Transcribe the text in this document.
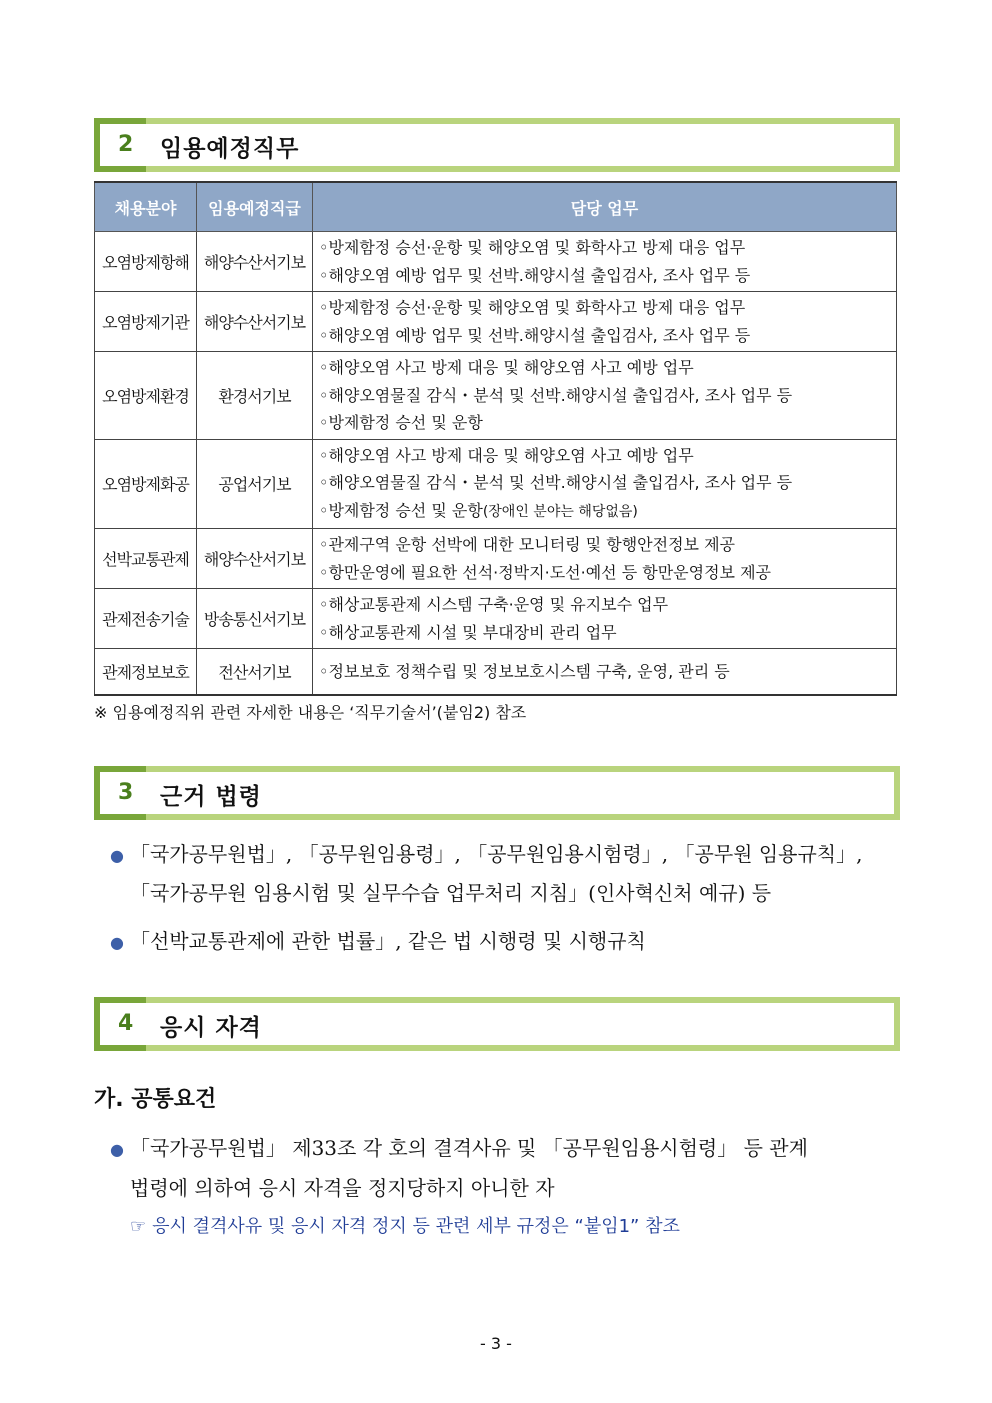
2 임용예정직무
채용분야	임용예정직급	담당 업무
오염방제항해	해양수산서기보	◦방제함정 승선·운항 및 해양오염 및 화학사고 방제 대응 업무
◦해양오염 예방 업무 및 선박.해양시설 출입검사, 조사 업무 등

오염방제기관	해양수산서기보	◦방제함정 승선·운항 및 해양오염 및 화학사고 방제 대응 업무
◦해양오염 예방 업무 및 선박.해양시설 출입검사, 조사 업무 등

오염방제환경	환경서기보	◦해양오염 사고 방제 대응 및 해양오염 사고 예방 업무
◦해양오염물질 감식・분석 및 선박.해양시설 출입검사, 조사 업무 등
◦방제함정 승선 및 운항

오염방제화공	공업서기보	◦해양오염 사고 방제 대응 및 해양오염 사고 예방 업무
◦해양오염물질 감식・분석 및 선박.해양시설 출입검사, 조사 업무 등
◦방제함정 승선 및 운항(장애인 분야는 해당없음)

선박교통관제	해양수산서기보	◦관제구역 운항 선박에 대한 모니터링 및 항행안전정보 제공
◦항만운영에 필요한 선석·정박지·도선·예선 등 항만운영정보 제공

관제전송기술	방송통신서기보	◦해상교통관제 시스템 구축·운영 및 유지보수 업무
◦해상교통관제 시설 및 부대장비 관리 업무

관제정보보호	전산서기보	◦정보보호 정책수립 및 정보보호시스템 구축, 운영, 관리 등
※ 임용예정직위 관련 자세한 내용은 ‘직무기술서’(붙임2) 참조
3 근거 법령
● 「국가공무원법」, 「공무원임용령」, 「공무원임용시험령」, 「공무원 임용규칙」,
「국가공무원 임용시험 및 실무수습 업무처리 지침」(인사혁신처 예규) 등
● 「선박교통관제에 관한 법률」, 같은 법 시행령 및 시행규칙
4 응시 자격
가. 공통요건
● 「국가공무원법」 제33조 각 호의 결격사유 및 「공무원임용시험령」 등 관계
법령에 의하여 응시 자격을 정지당하지 아니한 자
☞ 응시 결격사유 및 응시 자격 정지 등 관련 세부 규정은 “붙임1” 참조
- 3 -
